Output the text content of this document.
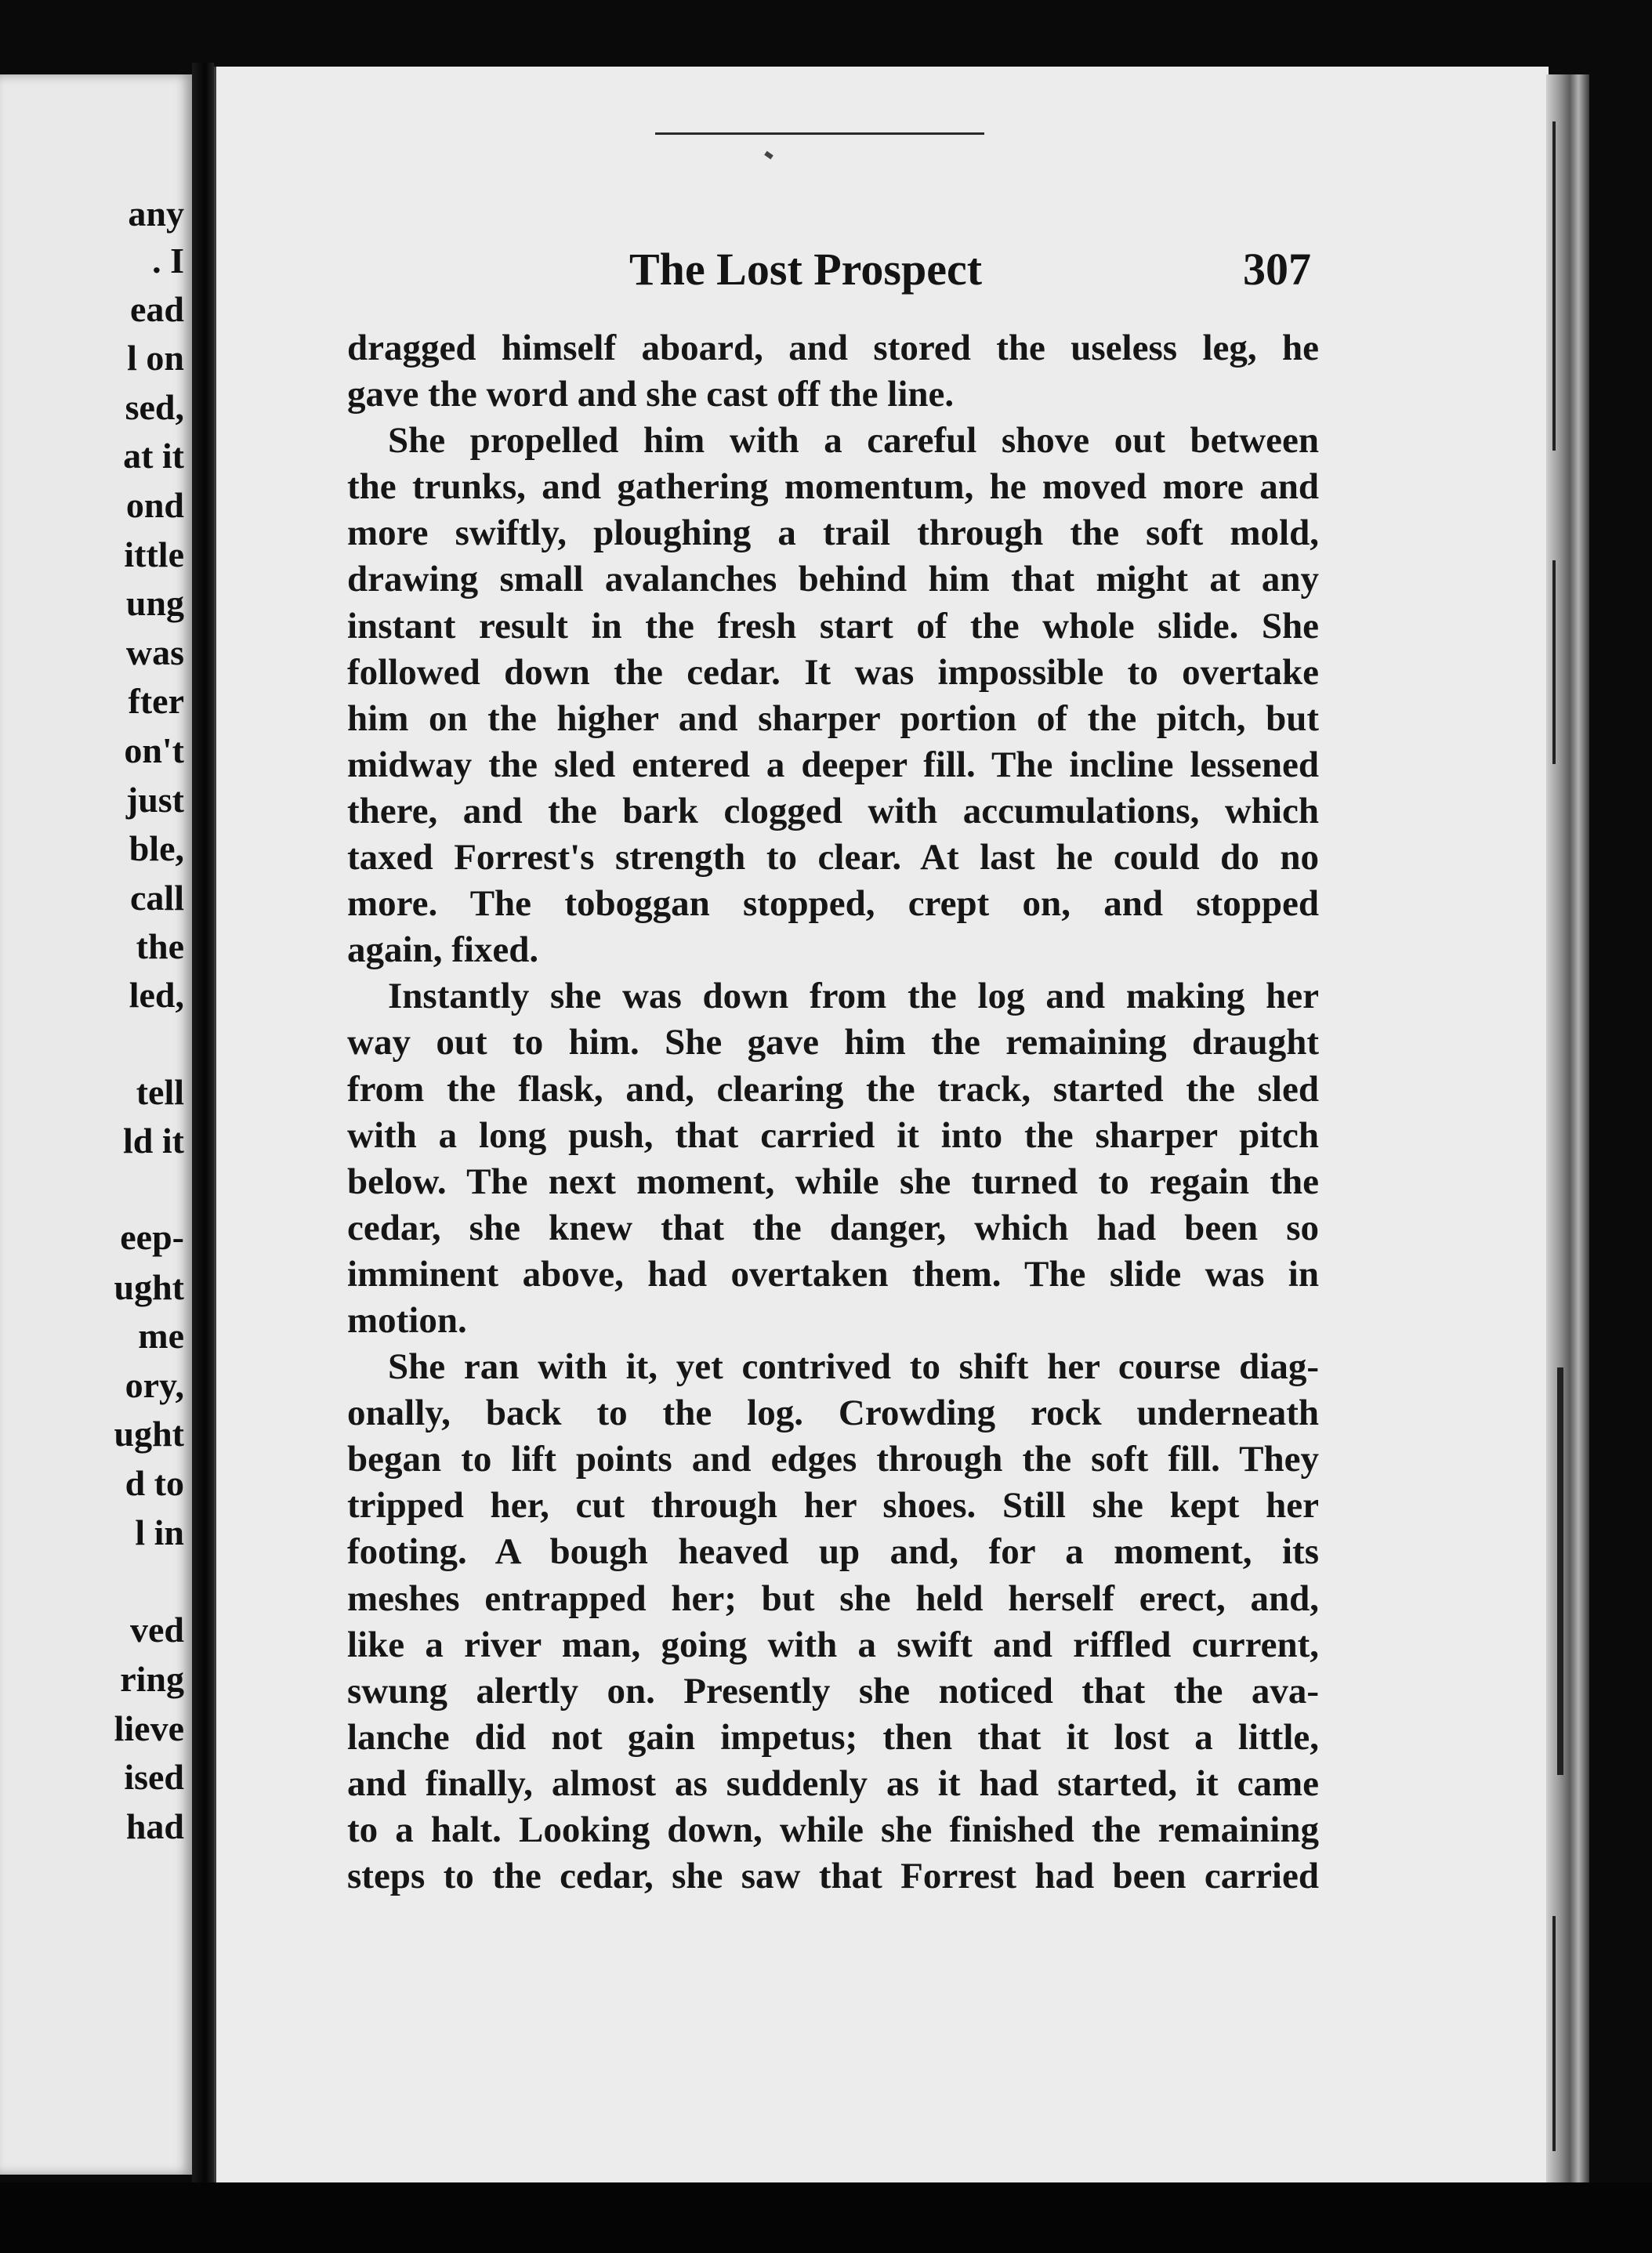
any
. I
ead
l on
sed,
at it
ond
ittle
ung
was
fter
on't
just
ble,
call
the
led,
tell
ld it
eep-
ught
me
ory,
ught
d to
l in
ved
ring
lieve
ised
had
The Lost Prospect	307
dragged himself aboard, and stored the useless leg, he
gave the word and she cast off the line.
She propelled him with a careful shove out between
the trunks, and gathering momentum, he moved more and
more swiftly, ploughing a trail through the soft mold,
drawing small avalanches behind him that might at any
instant result in the fresh start of the whole slide. She
followed down the cedar. It was impossible to overtake
him on the higher and sharper portion of the pitch, but
midway the sled entered a deeper fill. The incline lessened
there, and the bark clogged with accumulations, which
taxed Forrest's strength to clear. At last he could do no
more. The toboggan stopped, crept on, and stopped
again, fixed.
Instantly she was down from the log and making her
way out to him. She gave him the remaining draught
from the flask, and, clearing the track, started the sled
with a long push, that carried it into the sharper pitch
below. The next moment, while she turned to regain the
cedar, she knew that the danger, which had been so
imminent above, had overtaken them. The slide was in
motion.
She ran with it, yet contrived to shift her course diag-
onally, back to the log. Crowding rock underneath
began to lift points and edges through the soft fill. They
tripped her, cut through her shoes. Still she kept her
footing. A bough heaved up and, for a moment, its
meshes entrapped her; but she held herself erect, and,
like a river man, going with a swift and riffled current,
swung alertly on. Presently she noticed that the ava-
lanche did not gain impetus; then that it lost a little,
and finally, almost as suddenly as it had started, it came
to a halt. Looking down, while she finished the remaining
steps to the cedar, she saw that Forrest had been carried
